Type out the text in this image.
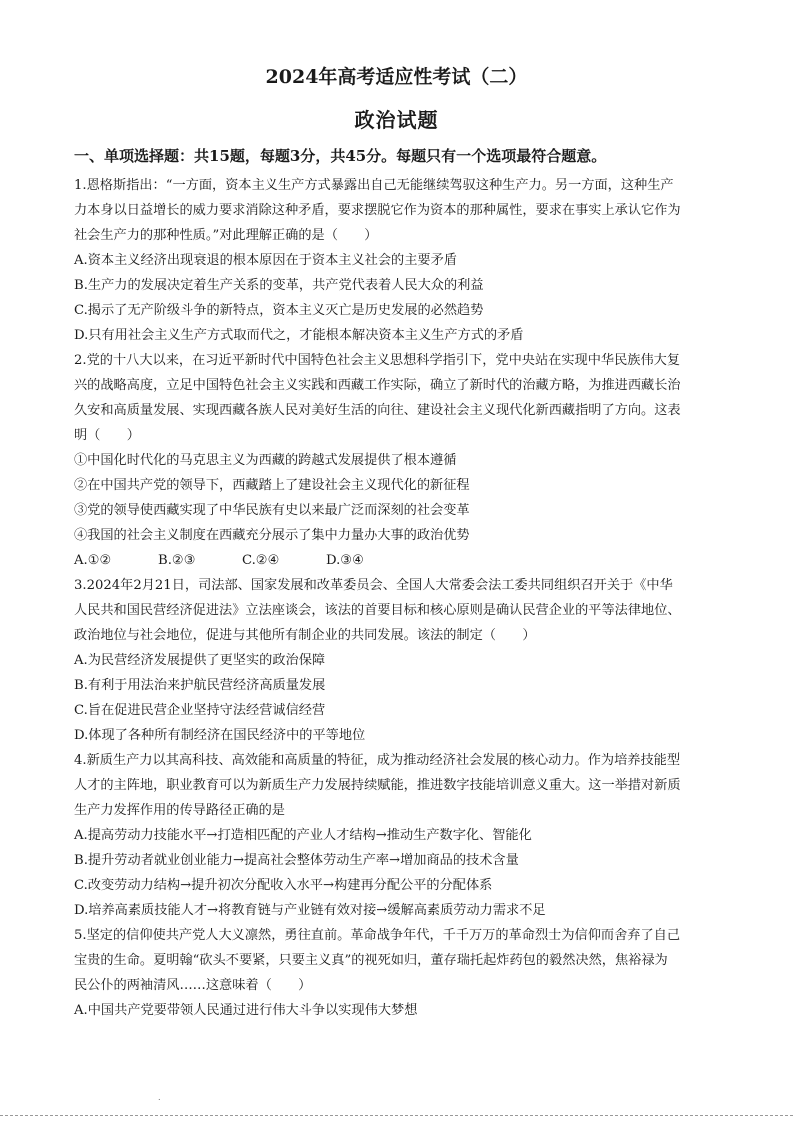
2024年高考适应性考试（二）
政治试题
一、单项选择题：共15题，每题3分，共45分。每题只有一个选项最符合题意。
1.恩格斯指出：“一方面，资本主义生产方式暴露出自己无能继续驾驭这种生产力。另一方面，这种生产
力本身以日益增长的威力要求消除这种矛盾，要求摆脱它作为资本的那种属性，要求在事实上承认它作为
社会生产力的那种性质。”对此理解正确的是（　　）
A.资本主义经济出现衰退的根本原因在于资本主义社会的主要矛盾
B.生产力的发展决定着生产关系的变革，共产党代表着人民大众的利益
C.揭示了无产阶级斗争的新特点，资本主义灭亡是历史发展的必然趋势
D.只有用社会主义生产方式取而代之，才能根本解决资本主义生产方式的矛盾
2.党的十八大以来，在习近平新时代中国特色社会主义思想科学指引下，党中央站在实现中华民族伟大复
兴的战略高度，立足中国特色社会主义实践和西藏工作实际，确立了新时代的治藏方略，为推进西藏长治
久安和高质量发展、实现西藏各族人民对美好生活的向往、建设社会主义现代化新西藏指明了方向。这表
明（　　）
①中国化时代化的马克思主义为西藏的跨越式发展提供了根本遵循
②在中国共产党的领导下，西藏踏上了建设社会主义现代化的新征程
③党的领导使西藏实现了中华民族有史以来最广泛而深刻的社会变革
④我国的社会主义制度在西藏充分展示了集中力量办大事的政治优势
A.①②	B.②③	C.②④	D.③④
3.2024年2月21日，司法部、国家发展和改革委员会、全国人大常委会法工委共同组织召开关于《中华
人民共和国民营经济促进法》立法座谈会，该法的首要目标和核心原则是确认民营企业的平等法律地位、
政治地位与社会地位，促进与其他所有制企业的共同发展。该法的制定（　　）
A.为民营经济发展提供了更坚实的政治保障
B.有利于用法治来护航民营经济高质量发展
C.旨在促进民营企业坚持守法经营诚信经营
D.体现了各种所有制经济在国民经济中的平等地位
4.新质生产力以其高科技、高效能和高质量的特征，成为推动经济社会发展的核心动力。作为培养技能型
人才的主阵地，职业教育可以为新质生产力发展持续赋能，推进数字技能培训意义重大。这一举措对新质
生产力发挥作用的传导路径正确的是
A.提高劳动力技能水平→打造相匹配的产业人才结构→推动生产数字化、智能化
B.提升劳动者就业创业能力→提高社会整体劳动生产率→增加商品的技术含量
C.改变劳动力结构→提升初次分配收入水平→构建再分配公平的分配体系
D.培养高素质技能人才→将教育链与产业链有效对接→缓解高素质劳动力需求不足
5.坚定的信仰使共产党人大义凛然，勇往直前。革命战争年代，千千万万的革命烈士为信仰而舍弃了自己
宝贵的生命。夏明翰“砍头不要紧，只要主义真”的视死如归，董存瑞托起炸药包的毅然决然，焦裕禄为
民公仆的两袖清风……这意味着（　　）
A.中国共产党要带领人民通过进行伟大斗争以实现伟大梦想
.
